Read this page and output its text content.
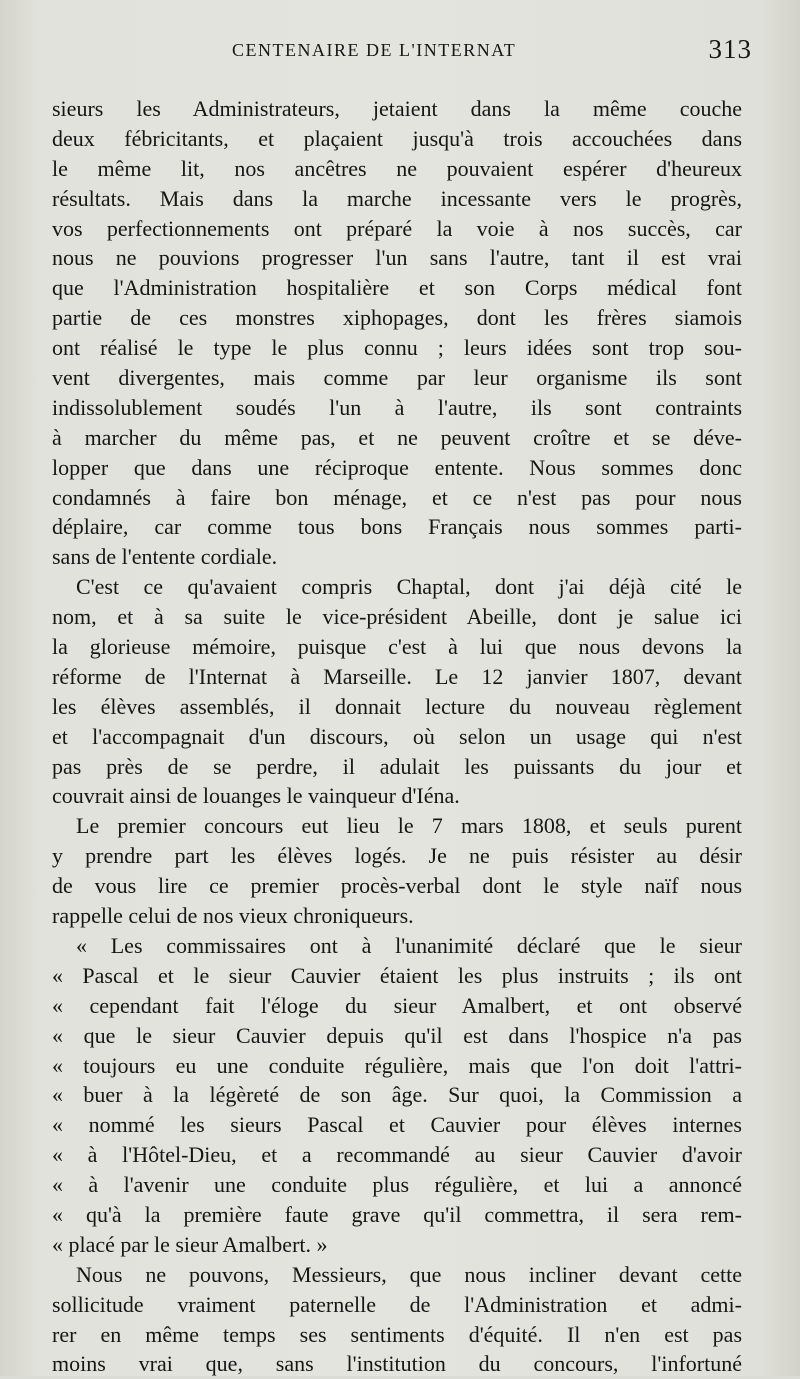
CENTENAIRE DE L'INTERNAT	313
sieurs les Administrateurs, jetaient dans la même couche
deux fébricitants, et plaçaient jusqu'à trois accouchées dans
le même lit, nos ancêtres ne pouvaient espérer d'heureux
résultats. Mais dans la marche incessante vers le progrès,
vos perfectionnements ont préparé la voie à nos succès, car
nous ne pouvions progresser l'un sans l'autre, tant il est vrai
que l'Administration hospitalière et son Corps médical font
partie de ces monstres xiphopages, dont les frères siamois
ont réalisé le type le plus connu ; leurs idées sont trop sou-
vent divergentes, mais comme par leur organisme ils sont
indissolublement soudés l'un à l'autre, ils sont contraints
à marcher du même pas, et ne peuvent croître et se déve-
lopper que dans une réciproque entente. Nous sommes donc
condamnés à faire bon ménage, et ce n'est pas pour nous
déplaire, car comme tous bons Français nous sommes parti-
sans de l'entente cordiale.
C'est ce qu'avaient compris Chaptal, dont j'ai déjà cité le
nom, et à sa suite le vice-président Abeille, dont je salue ici
la glorieuse mémoire, puisque c'est à lui que nous devons la
réforme de l'Internat à Marseille. Le 12 janvier 1807, devant
les élèves assemblés, il donnait lecture du nouveau règlement
et l'accompagnait d'un discours, où selon un usage qui n'est
pas près de se perdre, il adulait les puissants du jour et
couvrait ainsi de louanges le vainqueur d'Iéna.
Le premier concours eut lieu le 7 mars 1808, et seuls purent
y prendre part les élèves logés. Je ne puis résister au désir
de vous lire ce premier procès-verbal dont le style naïf nous
rappelle celui de nos vieux chroniqueurs.
« Les commissaires ont à l'unanimité déclaré que le sieur
« Pascal et le sieur Cauvier étaient les plus instruits ; ils ont
« cependant fait l'éloge du sieur Amalbert, et ont observé
« que le sieur Cauvier depuis qu'il est dans l'hospice n'a pas
« toujours eu une conduite régulière, mais que l'on doit l'attri-
« buer à la légèreté de son âge. Sur quoi, la Commission a
« nommé les sieurs Pascal et Cauvier pour élèves internes
« à l'Hôtel-Dieu, et a recommandé au sieur Cauvier d'avoir
« à l'avenir une conduite plus régulière, et lui a annoncé
« qu'à la première faute grave qu'il commettra, il sera rem-
« placé par le sieur Amalbert. »
Nous ne pouvons, Messieurs, que nous incliner devant cette
sollicitude vraiment paternelle de l'Administration et admi-
rer en même temps ses sentiments d'équité. Il n'en est pas
moins vrai que, sans l'institution du concours, l'infortuné
